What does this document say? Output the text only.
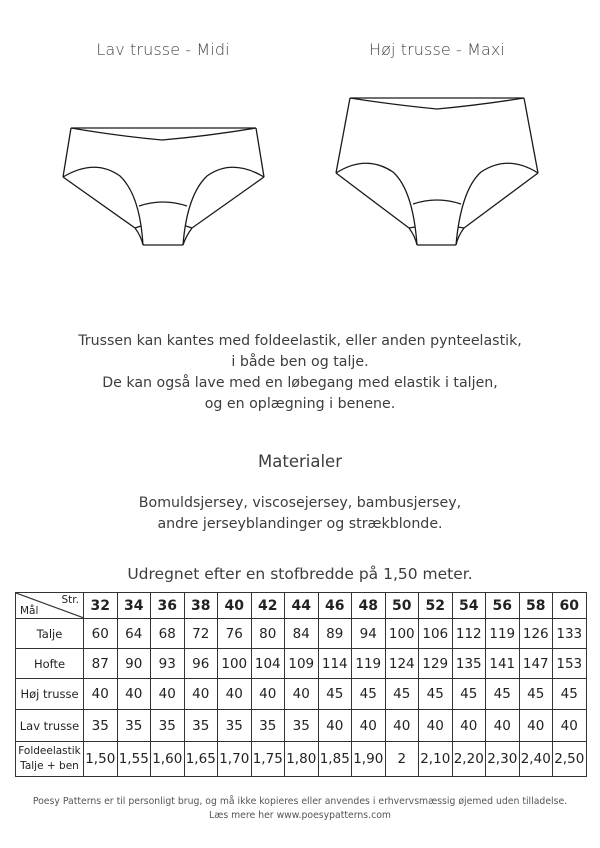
Lav trusse - Midi	Høj trusse - Maxi
Trussen kan kantes med foldeelastik, eller anden pynteelastik,
i både ben og talje.
De kan også lave med en løbegang med elastik i taljen,
og en oplægning i benene.
Materialer
Bomuldsjersey, viscosejersey, bambusjersey,
andre jerseyblandinger og strækblonde.
Udregnet efter en stofbredde på 1,50 meter.
Str.
Mål	32	34	36	38	40	42	44	46	48	50	52	54	56	58	60

Talje	60	64	68	72	76	80	84	89	94	100	106	112	119	126	133

Hofte	87	90	93	96	100	104	109	114	119	124	129	135	141	147	153

Høj trusse	40	40	40	40	40	40	40	45	45	45	45	45	45	45	45

Lav trusse	35	35	35	35	35	35	35	40	40	40	40	40	40	40	40

Foldeelastik
Talje + ben	1,50	1,55	1,60	1,65	1,70	1,75	1,80	1,85	1,90	2	2,10	2,20	2,30	2,40	2,50
Poesy Patterns er til personligt brug, og må ikke kopieres eller anvendes i erhvervsmæssig øjemed uden tilladelse.
Læs mere her www.poesypatterns.com
